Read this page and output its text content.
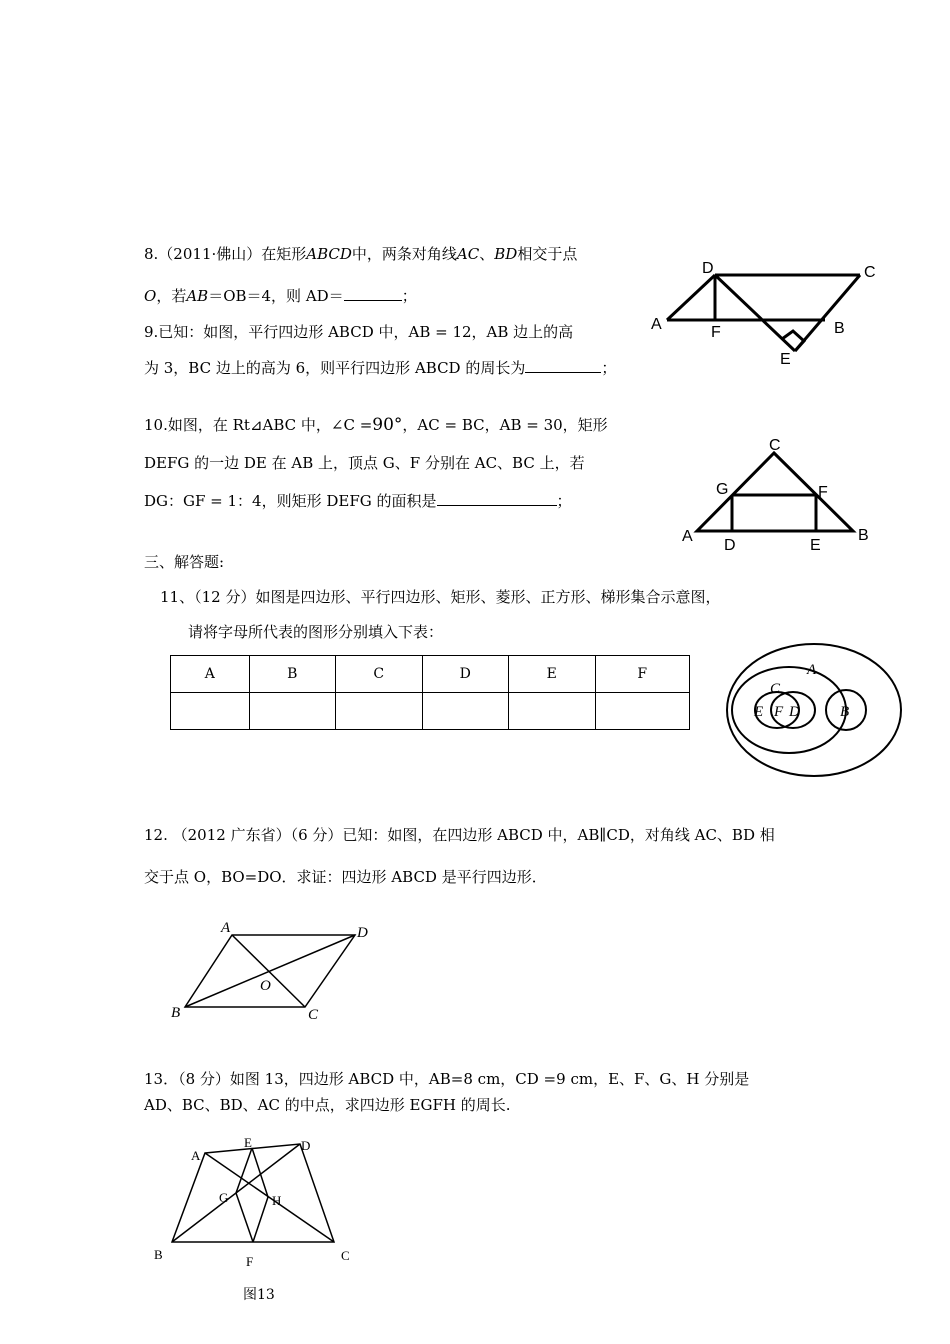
8.（2011·佛山）在矩形ABCD中，两条对角线AC、BD相交于点
O，若AB＝OB＝4，则 AD＝	；
9.已知：如图，平行四边形 ABCD 中，AB = 12，AB 边上的高
为 3，BC 边上的高为 6，则平行四边形 ABCD 的周长为	；
10.如图，在 Rt⊿ABC 中，∠C =90°，AC = BC，AB = 30，矩形
DEFG 的一边 DE 在 AB 上，顶点 G、F 分别在 AC、BC 上，若
DG：GF = 1：4，则矩形 DEFG 的面积是	；
三、解答题:
11、（12 分）如图是四边形、平行四边形、矩形、菱形、正方形、梯形集合示意图，
请将字母所代表的图形分别填入下表：
A	B	C	D	E	F

12. （2012 广东省）（6 分）已知：如图，在四边形 ABCD 中，AB∥CD，对角线 AC、BD 相
交于点 O，BO=DO．求证：四边形 ABCD 是平行四边形．
13．（8 分）如图 13，四边形 ABCD 中，AB=8 cm，CD =9 cm，E、F、G、H 分别是
AD、BC、BD、AC 的中点，求四边形 EGFH 的周长.
图13
D	C
A	F	B
E
C
G	F
A
D	E
B
A
C
E F D	B
A	D
O
B	C
E	D
A
G	H
B	F	C
